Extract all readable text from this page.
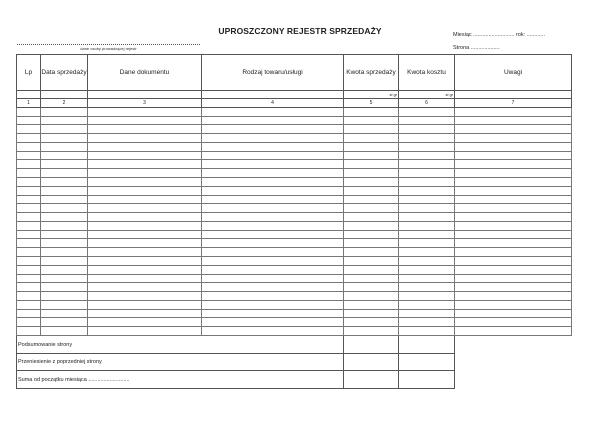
UPROSZCZONY REJESTR SPRZEDAŻY	Miesiąc ........................... rok: ............
Strona ...................
dane osoby prowadzącej rejestr
Lp	Data sprzedaży	Dane dokumentu	Rodzaj towaru/usługi	Kwota sprzedaży	Kwota kosztu	Uwagi
				zł gr	zł gr	
1	2	3	4	5	6	7

Podsumowanie strony						
Przeniesienie z poprzedniej strony						
Suma od początku miesiąca ...........................						
